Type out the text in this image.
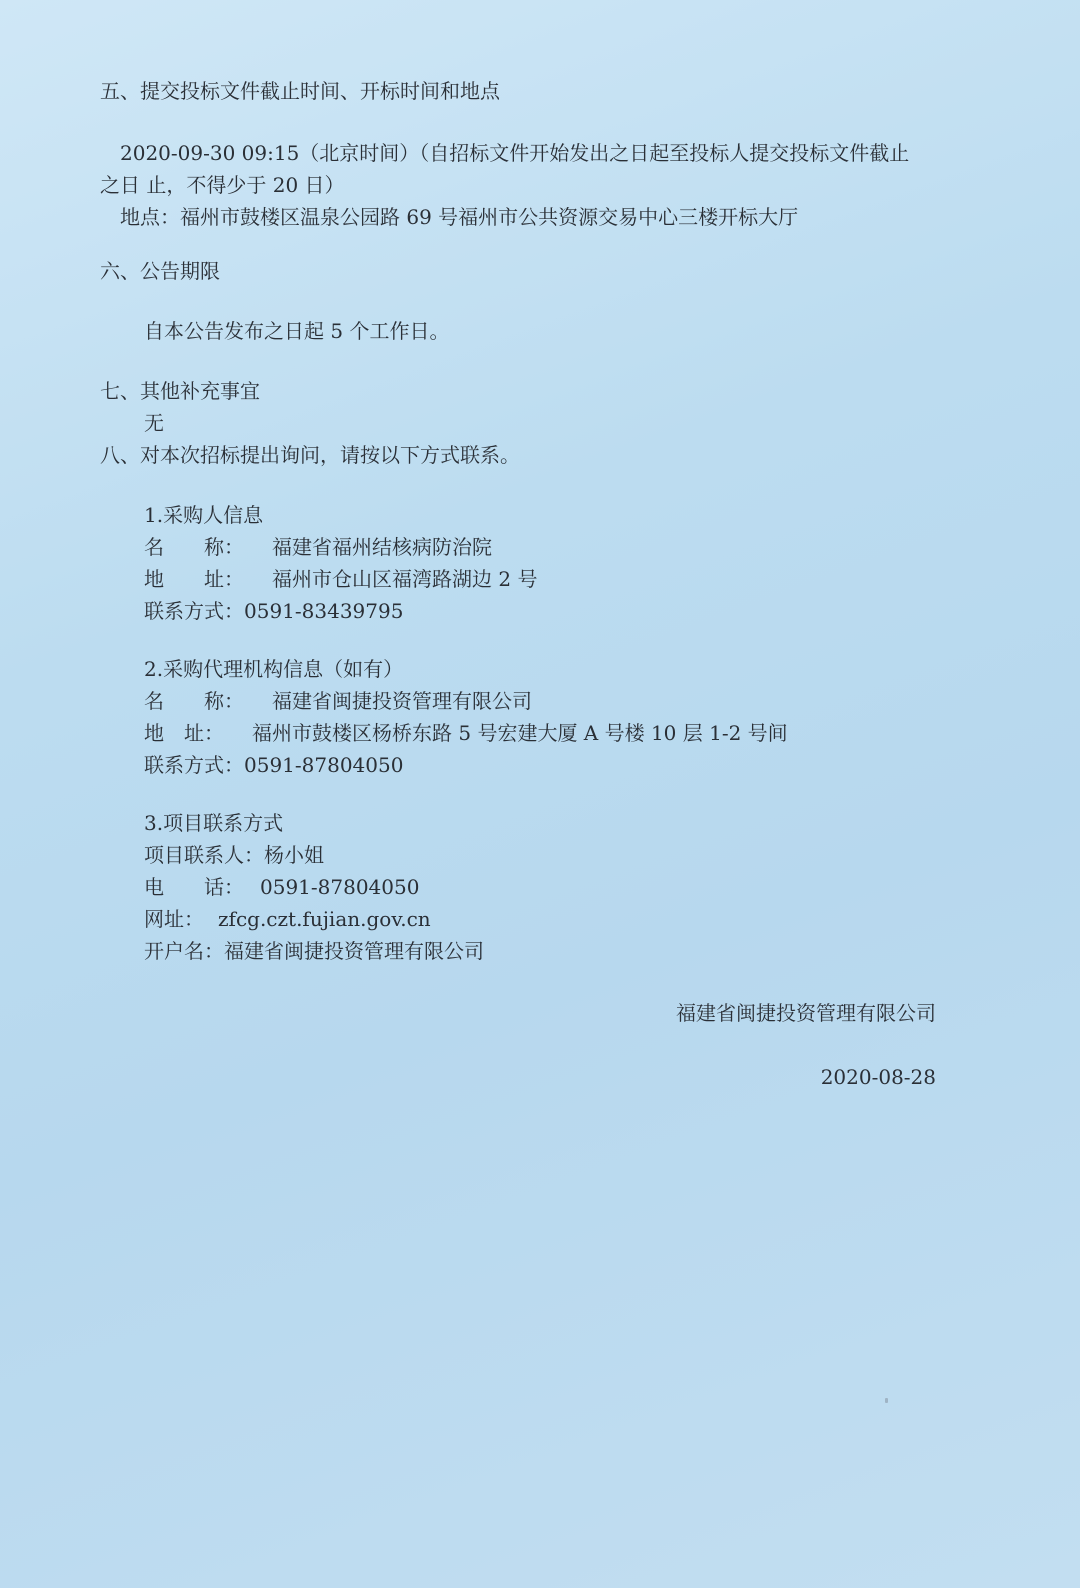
五、提交投标文件截止时间、开标时间和地点
2020-09-30 09:15（北京时间）（自招标文件开始发出之日起至投标人提交投标文件截止
之日 止，不得少于 20 日）
地点：福州市鼓楼区温泉公园路 69 号福州市公共资源交易中心三楼开标大厅
六、公告期限
自本公告发布之日起 5 个工作日。
七、其他补充事宜
无
八、对本次招标提出询问，请按以下方式联系。
1.采购人信息
名　　称： 福建省福州结核病防治院
地　　址： 福州市仓山区福湾路湖边 2 号
联系方式：0591-83439795
2.采购代理机构信息（如有）
名　　称： 福建省闽捷投资管理有限公司
地　址： 福州市鼓楼区杨桥东路 5 号宏建大厦 A 号楼 10 层 1-2 号间
联系方式：0591-87804050
3.项目联系方式
项目联系人：杨小姐
电　　话： 0591-87804050
网址： zfcg.czt.fujian.gov.cn
开户名：福建省闽捷投资管理有限公司
福建省闽捷投资管理有限公司
2020-08-28
